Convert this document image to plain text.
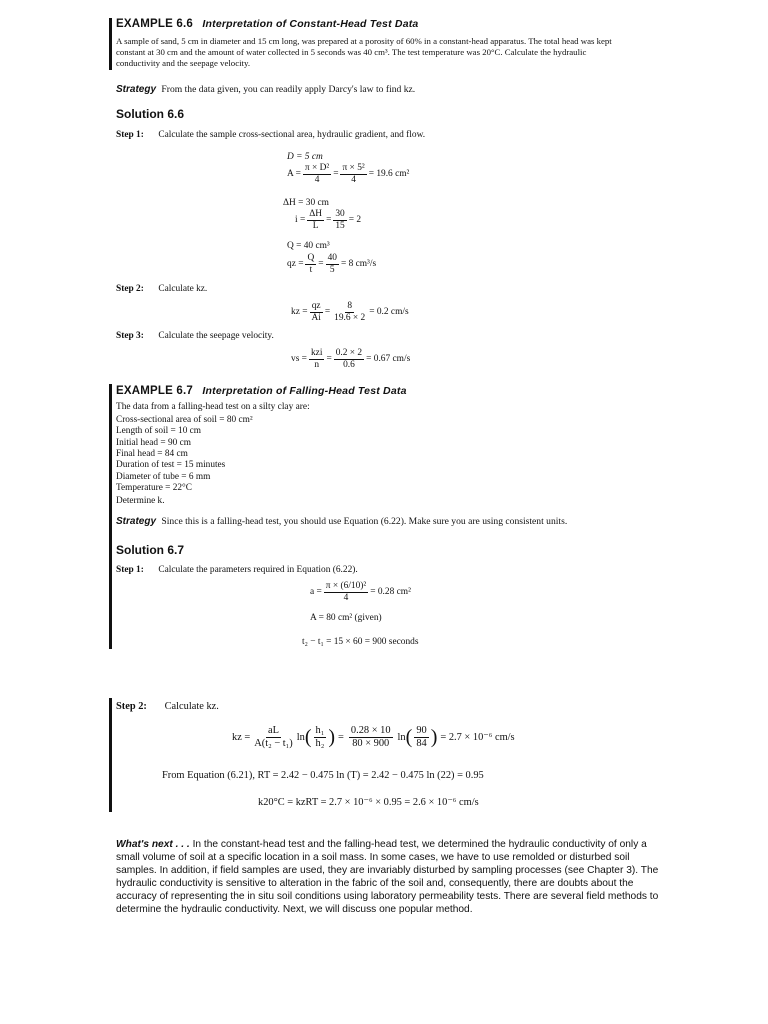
EXAMPLE 6.6 Interpretation of Constant-Head Test Data
A sample of sand, 5 cm in diameter and 15 cm long, was prepared at a porosity of 60% in a constant-head apparatus. The total head was kept constant at 30 cm and the amount of water collected in 5 seconds was 40 cm³. The test temperature was 20°C. Calculate the hydraulic conductivity and the seepage velocity.
Strategy From the data given, you can readily apply Darcy's law to find kz.
Solution 6.6
Step 1: Calculate the sample cross-sectional area, hydraulic gradient, and flow.
D = 5 cm
$A = \frac{\text{π × D²}}{4} = \frac{\text{π × 5²}}{4} = 19.6$ cm²
ΔH = 30 cm
$i = \frac{\Delta H}{L} = \frac{30}{15} = 2$
Q = 40 cm³
qz = $\frac{Q}{t} = \frac{40}{5} = 8$ cm³/s
Step 2: Calculate kz.
kz = $\frac{qz}{Ai} = \frac{8}{19.6 \times 2} = 0.2$ cm/s
Step 3: Calculate the seepage velocity.
vs = $\frac{\text{kzi}}{n} = \frac{0.2 \times 2}{0.6} = 0.67$ cm/s
EXAMPLE 6.7 Interpretation of Falling-Head Test Data
The data from a falling-head test on a silty clay are:
Cross-sectional area of soil = 80 cm²
Length of soil = 10 cm
Initial head = 90 cm
Final head = 84 cm
Duration of test = 15 minutes
Diameter of tube = 6 mm
Temperature = 22°C
Determine k.
Strategy Since this is a falling-head test, you should use Equation (6.22). Make sure you are using consistent units.
Solution 6.7
Step 1: Calculate the parameters required in Equation (6.22).
$a = \frac{\text{π × (6/10)²}}{4} = 0.28$ cm²
A = 80 cm² (given)
t₂ − t₁ = 15 × 60 = 900 seconds
Step 2: Calculate kz.
kz = $\frac{aL}{\text{A(t₂ − t₁)}}$ ln ( $\frac{\text{h₁}}{\text{h₂}}$ ) = $\frac{0.28 \times 10}{80 \times 900}$ ln ( $\frac{90}{84}$ ) = 2.7 × 10⁻⁶ cm/s
From Equation (6.21), RT = 2.42 − 0.475 ln (T) = 2.42 − 0.475 ln (22) = 0.95
k20°C = kzRT = 2.7 × 10⁻⁶ × 0.95 = 2.6 × 10⁻⁶ cm/s
What's next . . . In the constant-head test and the falling-head test, we determined the hydraulic conductivity of only a small volume of soil at a specific location in a soil mass. In some cases, we have to use remolded or disturbed soil samples. In addition, if field samples are used, they are invariably disturbed by sampling processes (see Chapter 3). The hydraulic conductivity is sensitive to alteration in the fabric of the soil and, consequently, there are doubts about the accuracy of representing the in situ soil conditions using laboratory permeability tests. There are several field methods to determine the hydraulic conductivity. Next, we will discuss one popular method.
